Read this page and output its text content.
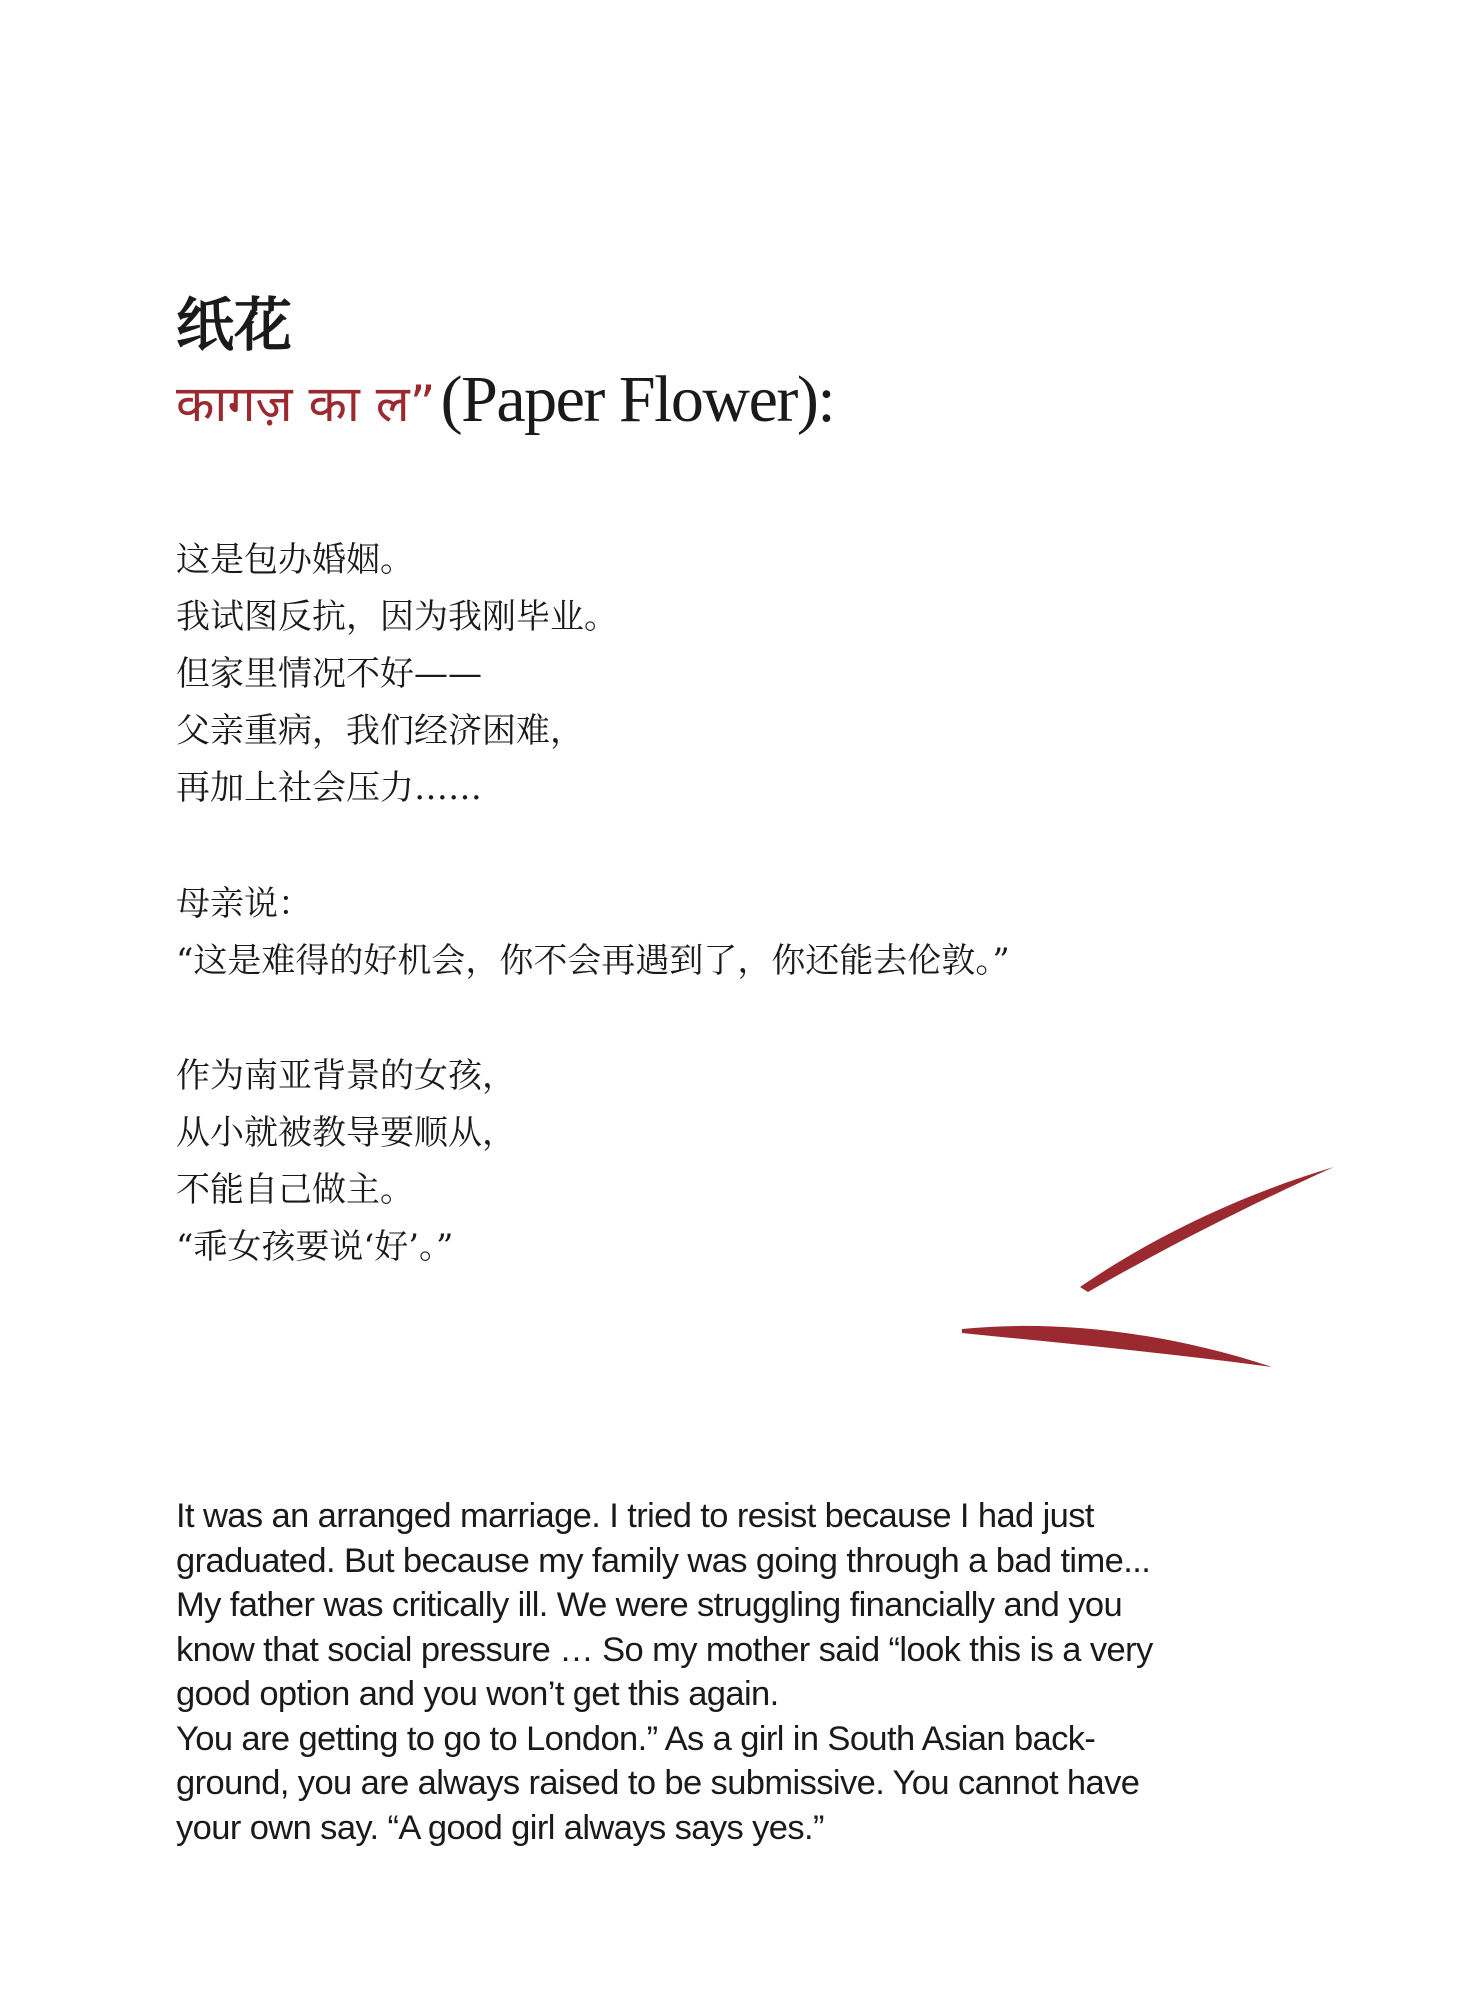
纸花
कागज़ का ल” (Paper Flower):

这是包办婚姻。

我试图反抗，因为我刚毕业。

但家里情况不好——

父亲重病，我们经济困难，

再加上社会压力……

母亲说：

“这是难得的好机会，你不会再遇到了，你还能去伦敦。”

作为南亚背景的女孩，

从小就被教导要顺从，

不能自己做主。

“乖女孩要说‘好’。”

It was an arranged marriage. I tried to resist because I had just

graduated. But because my family was going through a bad time...

My father was critically ill. We were struggling financially and you

know that social pressure … So my mother said “look this is a very

good option and you won’t get this again.

You are getting to go to London.” As a girl in South Asian back-

ground, you are always raised to be submissive. You cannot have

your own say. “A good girl always says yes.”
